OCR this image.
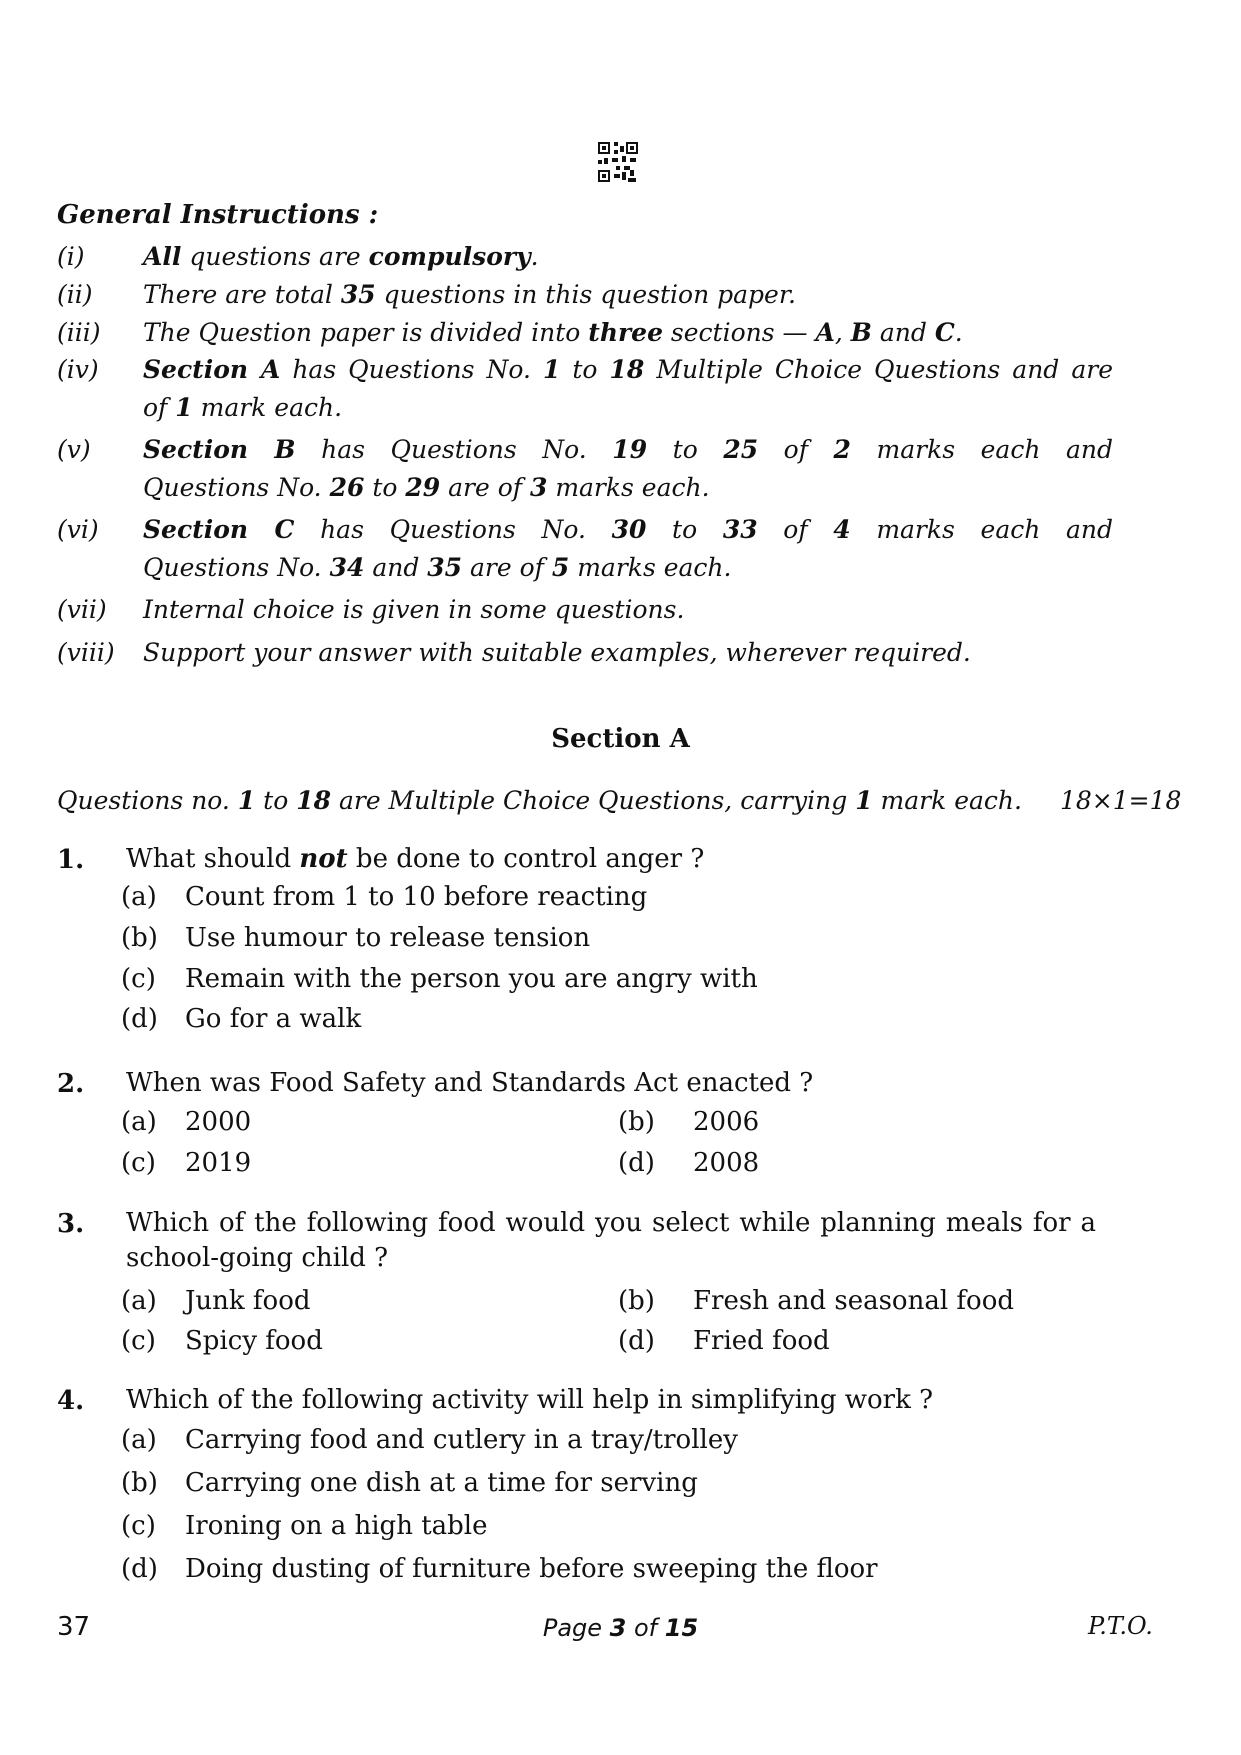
General Instructions :
(i) All questions are compulsory.
(ii) There are total 35 questions in this question paper.
(iii) The Question paper is divided into three sections — A, B and C.
(iv) Section A has Questions No. 1 to 18 Multiple Choice Questions and are
of 1 mark each.
(v) Section B has Questions No. 19 to 25 of 2 marks each and
Questions No. 26 to 29 are of 3 marks each.
(vi) Section C has Questions No. 30 to 33 of 4 marks each and
Questions No. 34 and 35 are of 5 marks each.
(vii) Internal choice is given in some questions.
(viii) Support your answer with suitable examples, wherever required.
Section A
Questions no. 1 to 18 are Multiple Choice Questions, carrying 1 mark each. 18×1=18
1. What should not be done to control anger ?
(a) Count from 1 to 10 before reacting
(b) Use humour to release tension
(c) Remain with the person you are angry with
(d) Go for a walk
2. When was Food Safety and Standards Act enacted ?
(a) 2000	(b) 2006
(c) 2019	(d) 2008
3. Which of the following food would you select while planning meals for a school-going child ?
(a) Junk food	(b) Fresh and seasonal food
(c) Spicy food	(d) Fried food
4. Which of the following activity will help in simplifying work ?
(a) Carrying food and cutlery in a tray/trolley
(b) Carrying one dish at a time for serving
(c) Ironing on a high table
(d) Doing dusting of furniture before sweeping the floor
37	Page 3 of 15	P.T.O.
